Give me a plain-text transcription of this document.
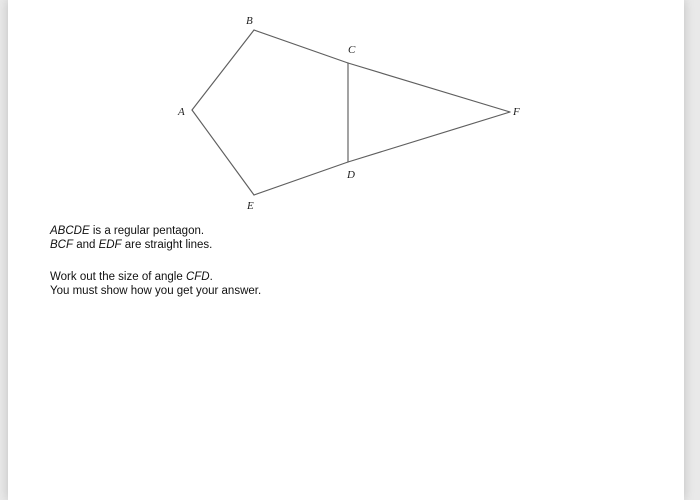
A
B
C
D
E
F

ABCDE is a regular pentagon.

BCF and EDF are straight lines.

Work out the size of angle CFD.

You must show how you get your answer.
